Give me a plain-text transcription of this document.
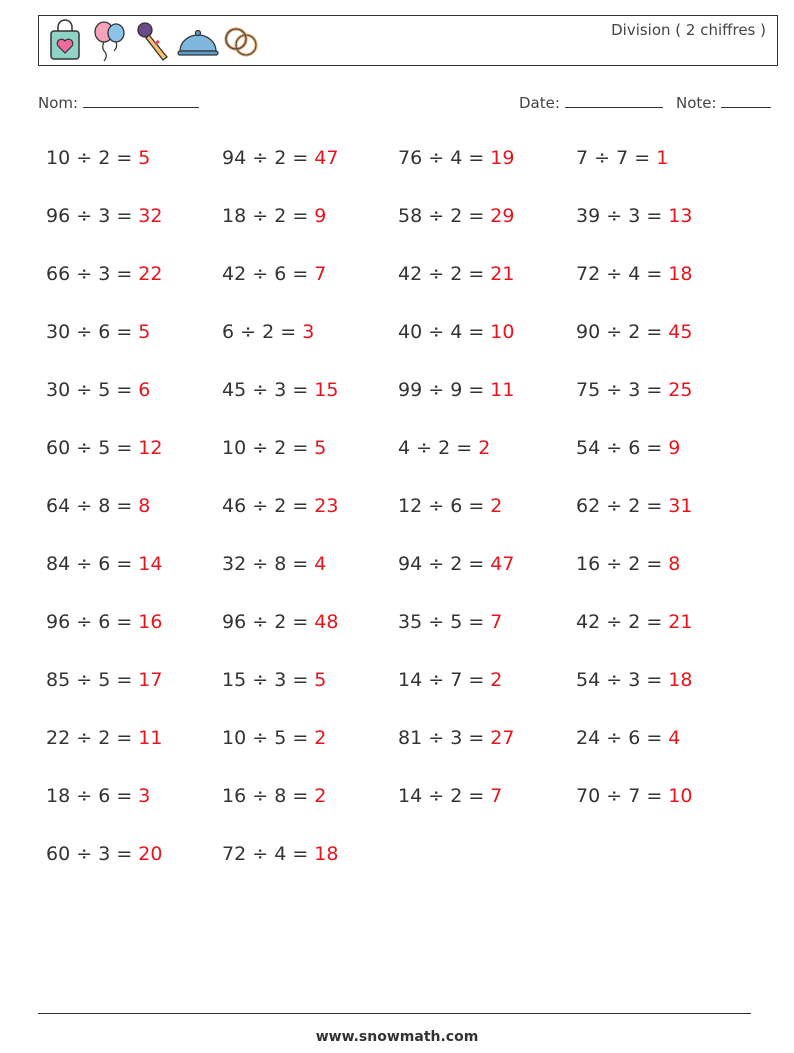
Division ( 2 chiffres )
Nom:	Date:	Note:
10 ÷ 2 = 5	94 ÷ 2 = 47	76 ÷ 4 = 19	7 ÷ 7 = 1
96 ÷ 3 = 32	18 ÷ 2 = 9	58 ÷ 2 = 29	39 ÷ 3 = 13
66 ÷ 3 = 22	42 ÷ 6 = 7	42 ÷ 2 = 21	72 ÷ 4 = 18
30 ÷ 6 = 5	6 ÷ 2 = 3	40 ÷ 4 = 10	90 ÷ 2 = 45
30 ÷ 5 = 6	45 ÷ 3 = 15	99 ÷ 9 = 11	75 ÷ 3 = 25
60 ÷ 5 = 12	10 ÷ 2 = 5	4 ÷ 2 = 2	54 ÷ 6 = 9
64 ÷ 8 = 8	46 ÷ 2 = 23	12 ÷ 6 = 2	62 ÷ 2 = 31
84 ÷ 6 = 14	32 ÷ 8 = 4	94 ÷ 2 = 47	16 ÷ 2 = 8
96 ÷ 6 = 16	96 ÷ 2 = 48	35 ÷ 5 = 7	42 ÷ 2 = 21
85 ÷ 5 = 17	15 ÷ 3 = 5	14 ÷ 7 = 2	54 ÷ 3 = 18
22 ÷ 2 = 11	10 ÷ 5 = 2	81 ÷ 3 = 27	24 ÷ 6 = 4
18 ÷ 6 = 3	16 ÷ 8 = 2	14 ÷ 2 = 7	70 ÷ 7 = 10
60 ÷ 3 = 20	72 ÷ 4 = 18
www.snowmath.com
